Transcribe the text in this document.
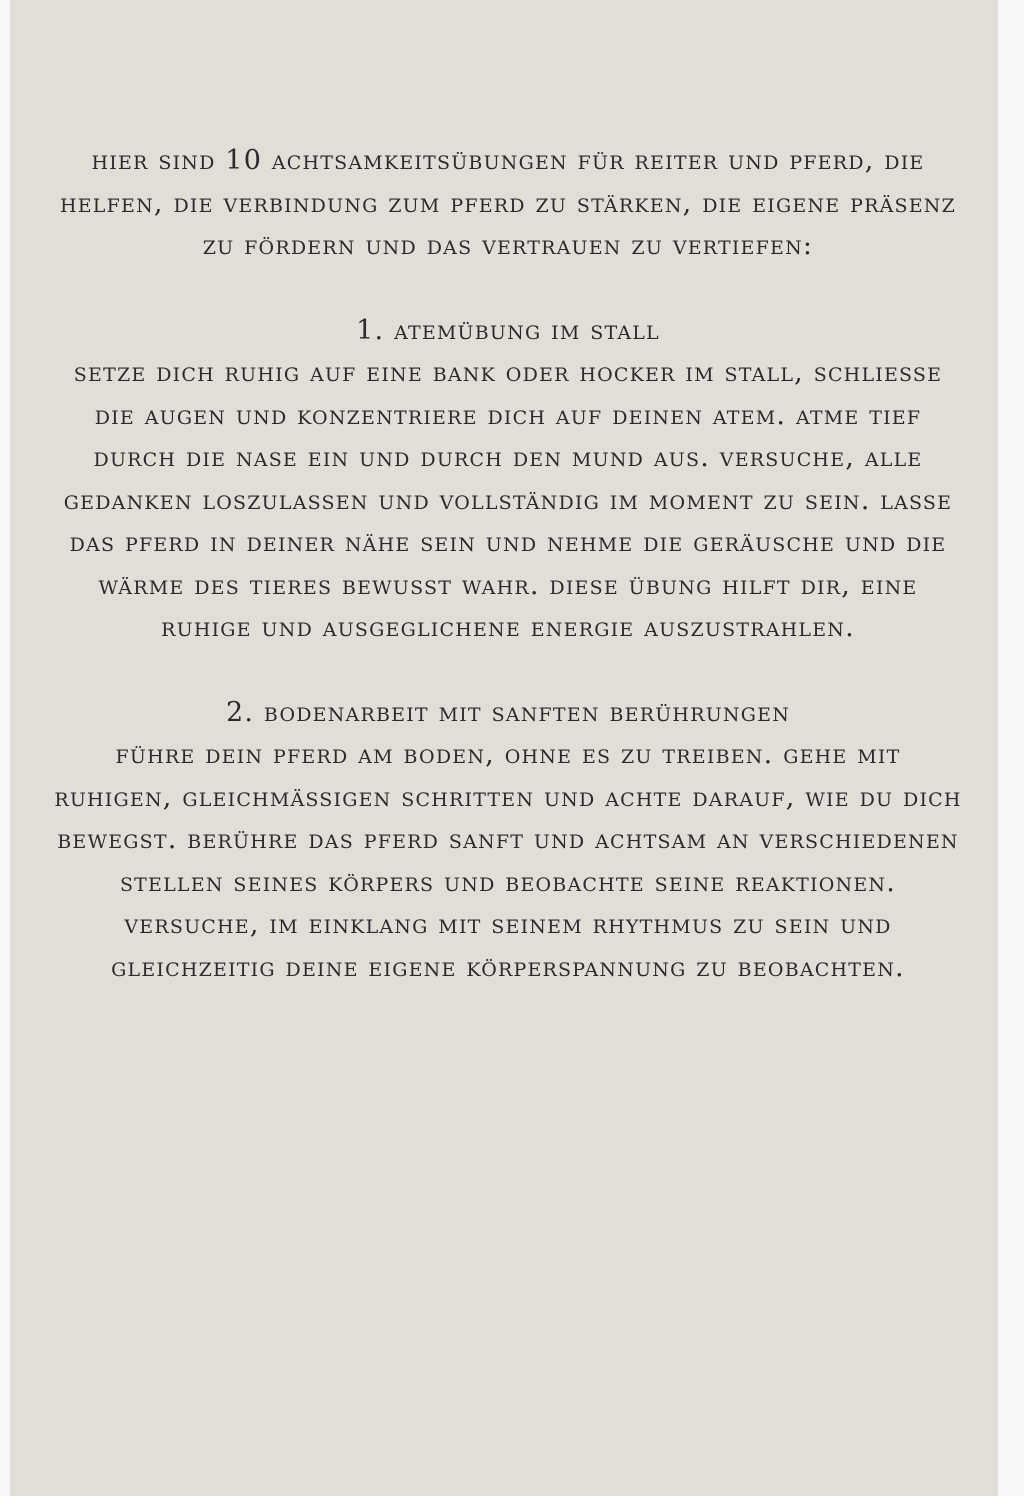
hier sind 10 achtsamkeitsübungen für reiter und pferd, die helfen, die verbindung zum pferd zu stärken, die eigene präsenz zu fördern und das vertrauen zu vertiefen:
1. atemübung im stall
setze dich ruhig auf eine bank oder hocker im stall, schliesse die augen und konzentriere dich auf deinen atem. atme tief durch die nase ein und durch den mund aus. versuche, alle gedanken loszulassen und vollständig im moment zu sein. lasse das pferd in deiner nähe sein und nehme die geräusche und die wärme des tieres bewusst wahr. diese übung hilft dir, eine ruhige und ausgeglichene energie auszustrahlen.
2. bodenarbeit mit sanften berührungen
führe dein pferd am boden, ohne es zu treiben. gehe mit ruhigen, gleichmässigen schritten und achte darauf, wie du dich bewegst. berühre das pferd sanft und achtsam an verschiedenen stellen seines körpers und beobachte seine reaktionen. versuche, im einklang mit seinem rhythmus zu sein und gleichzeitig deine eigene körperspannung zu beobachten.
